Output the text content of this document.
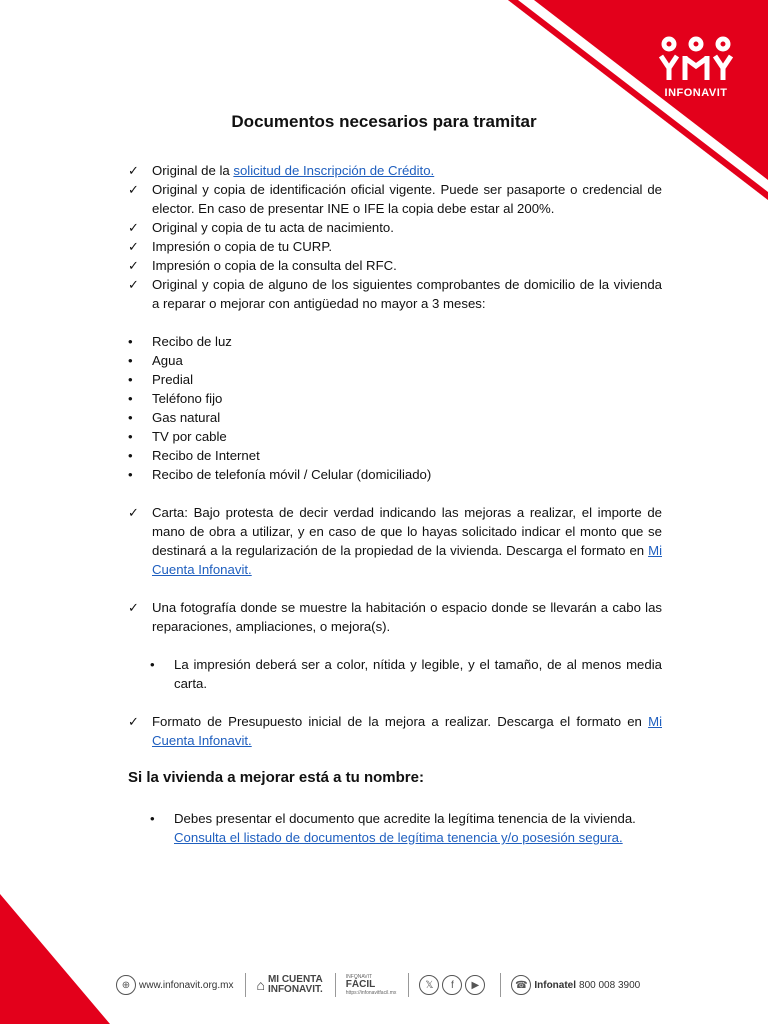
INFONAVIT
Documentos necesarios para tramitar
✓ Original de la solicitud de Inscripción de Crédito.
✓ Original y copia de identificación oficial vigente. Puede ser pasaporte o credencial de elector. En caso de presentar INE o IFE la copia debe estar al 200%.
✓ Original y copia de tu acta de nacimiento.
✓ Impresión o copia de tu CURP.
✓ Impresión o copia de la consulta del RFC.
✓ Original y copia de alguno de los siguientes comprobantes de domicilio de la vivienda a reparar o mejorar con antigüedad no mayor a 3 meses:
• Recibo de luz
• Agua
• Predial
• Teléfono fijo
• Gas natural
• TV por cable
• Recibo de Internet
• Recibo de telefonía móvil / Celular (domiciliado)
✓ Carta: Bajo protesta de decir verdad indicando las mejoras a realizar, el importe de mano de obra a utilizar, y en caso de que lo hayas solicitado indicar el monto que se destinará a la regularización de la propiedad de la vivienda. Descarga el formato en Mi Cuenta Infonavit.
✓ Una fotografía donde se muestre la habitación o espacio donde se llevarán a cabo las reparaciones, ampliaciones, o mejora(s).
• La impresión deberá ser a color, nítida y legible, y el tamaño, de al menos media carta.
✓ Formato de Presupuesto inicial de la mejora a realizar. Descarga el formato en Mi Cuenta Infonavit.
Si la vivienda a mejorar está a tu nombre:
• Debes presentar el documento que acredite la legítima tenencia de la vivienda.
Consulta el listado de documentos de legítima tenencia y/o posesión segura.
⊕ www.infonavit.org.mx ⌂ MI CUENTA
INFONAVIT.
INFONAVIT
FÁCIL
https://infonavitfacil.mx
𝕏	f	▶	☎ Infonatel 800 008 3900
